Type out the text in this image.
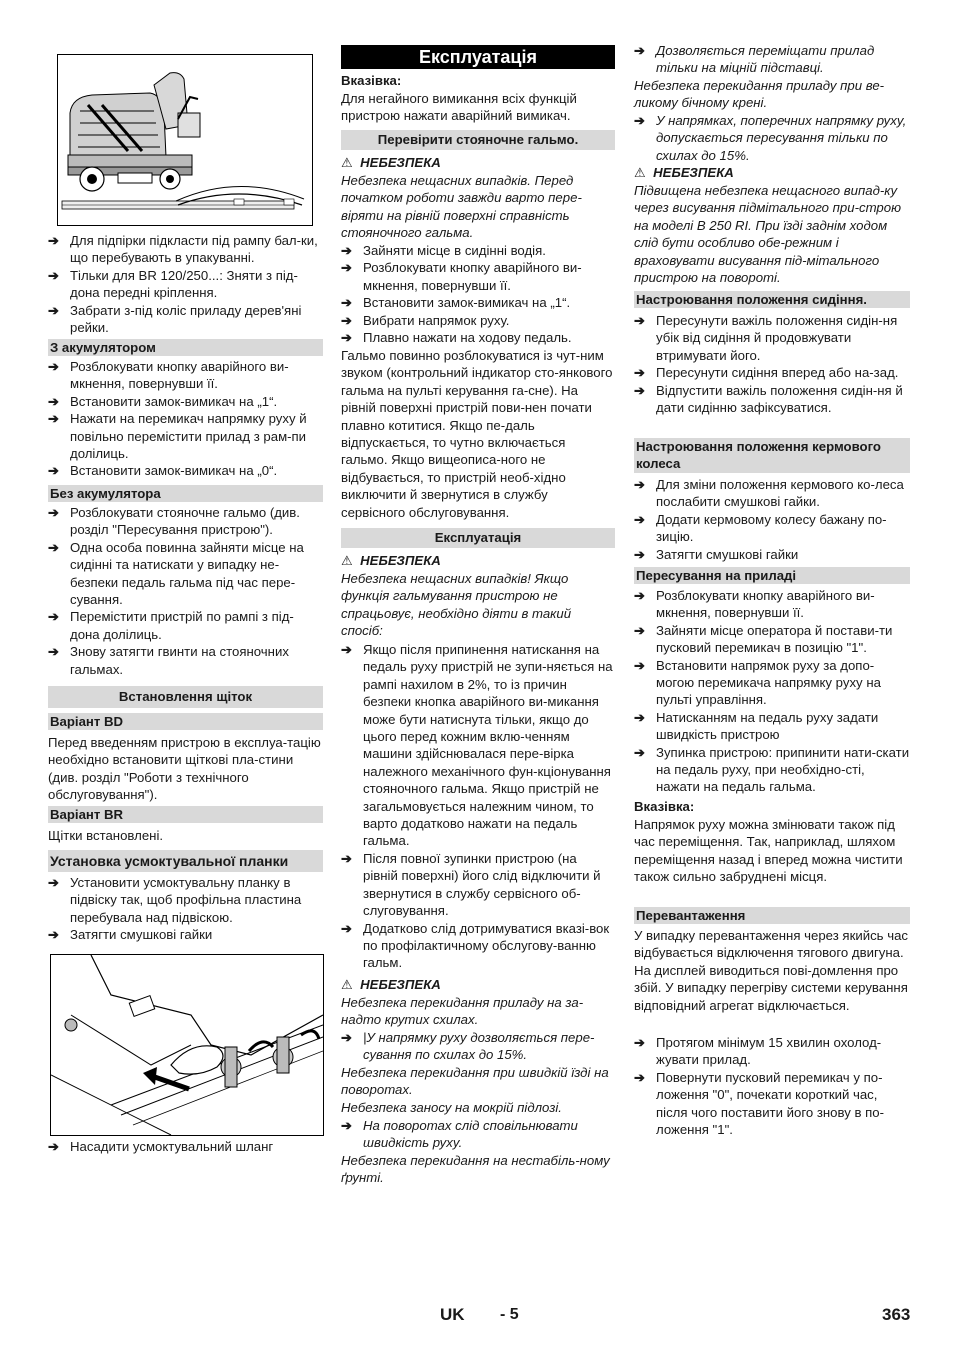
➔ Для підпірки підкласти під рампу бал-ки, що перебувають в упакуванні.
➔ Тільки для BR 120/250...: Зняти з під-дона передні кріплення.
➔ Забрати з-під коліс приладу дерев'яні рейки.
З акумулятором
➔ Розблокувати кнопку аварійного ви-мкнення, повернувши її.
➔ Встановити замок-вимикач на „1“.
➔ Нажати на перемикач напрямку руху й повільно перемістити прилад з рам-пи долілиць.
➔ Встановити замок-вимикач на „0“.
Без акумулятора
➔ Розблокувати стояночне гальмо (див. розділ "Пересування пристрою").
➔ Одна особа повинна зайняти місце на сидінні та натискати у випадку не-безпеки педаль гальма під час пере-сування.
➔ Перемістити пристрій по рампі з під-дона долілиць.
➔ Знову затягти гвинти на стояночних гальмах.
Встановлення щіток
Варіант BD
Перед введенням пристрою в експлуа-тацію необхідно встановити щіткові пла-стини (див. розділ "Роботи з технічного обслуговування").
Варіант BR
Щітки встановлені.
Установка усмоктувальної планки
➔ Установити усмоктувальну планку в підвіску так, щоб профільна пластина перебувала над підвіскою.
➔ Затягти смушкові гайки
➔ Насадити усмоктувальний шланг
Експлуатація
Вказівка:
Для негайного вимикання всіх функцій пристрою нажати аварійний вимикач.
Перевірити стояночне гальмо.
⚠ НЕБЕЗПЕКА
Небезпека нещасних випадків. Перед початком роботи завжди варто пере-віряти на рівній поверхні справність стояночного гальма.
➔ Зайняти місце в сидінні водія.
➔ Розблокувати кнопку аварійного ви-мкнення, повернувши її.
➔ Встановити замок-вимикач на „1“.
➔ Вибрати напрямок руху.
➔ Плавно нажати на ходову педаль.
Гальмо повинно розблокуватися із чут-ним звуком (контрольний індикатор сто-янкового гальма на пульті керування га-сне). На рівній поверхні пристрій пови-нен почати плавно котитися. Якщо пе-даль відпускається, то чутно включається гальмо. Якщо вищеописа-ного не відбувається, то пристрій необ-хідно виключити й звернутися в службу сервісного обслуговування.
Експлуатація
⚠ НЕБЕЗПЕКА
Небезпека нещасних випадків! Якщо функція гальмування пристрою не спрацьовує, необхідно діяти в такий спосіб:
➔ Якщо після припинення натискання на педаль руху пристрій не зупи-няється на рампі нахилом в 2%, то із причин безпеки кнопка аварійного ви-микання може бути натиснута тільки, якщо до цього перед кожним вклю-ченням машини здійснювалася пере-вірка належного механічного фун-кціонування стояночного гальма. Якщо пристрій не загальмовується належним чином, то варто додатково нажати на педаль гальма.
➔ Після повної зупинки пристрою (на рівній поверхні) його слід відключити й звернутися в службу сервісного об-слуговування.
➔ Додатково слід дотримуватися вказі-вок по профілактичному обслугову-ванню гальм.
⚠ НЕБЕЗПЕКА
Небезпека перекидання приладу на за-надто крутих схилах.
➔ |У напрямку руху дозволяється пере-сування по схилах до 15%.
Небезпека перекидання при швидкій їзді на поворотах.
Небезпека заносу на мокрій підлозі.
➔ На поворотах слід сповільнювати швидкість руху.
Небезпека перекидання на нестабіль-ному ґрунті.
➔ Дозволяється переміщати прилад тільки на міцній підставці.
Небезпека перекидання приладу при ве-ликому бічному крені.
➔ У напрямках, поперечних напрямку руху, допускається пересування тільки по схилах до 15%.
⚠ НЕБЕЗПЕКА
Підвищена небезпека нещасного випад-ку через висування підмітального при-строю на моделі B 250 RI. При їзді заднім ходом слід бути особливо обе-режним і враховувати висування під-мітального пристрою на повороті.
Настроювання положення сидіння.
➔ Пересунути важіль положення сидін-ня убік від сидіння й продовжувати втримувати його.
➔ Пересунути сидіння вперед або на-зад.
➔ Відпустити важіль положення сидін-ня й дати сидінню зафіксуватися.
Настроювання положення кермового колеса
➔ Для зміни положення кермового ко-леса послабити смушкові гайки.
➔ Додати кермовому колесу бажану по-зицію.
➔ Затягти смушкові гайки
Пересування на приладі
➔ Розблокувати кнопку аварійного ви-мкнення, повернувши її.
➔ Зайняти місце оператора й постави-ти пусковий перемикач в позицію "1".
➔ Встановити напрямок руху за допо-могою перемикача напрямку руху на пульті управління.
➔ Натисканням на педаль руху задати швидкість пристрою
➔ Зупинка пристрою: припинити нати-скати на педаль руху, при необхідно-сті, нажати на педаль гальма.
Вказівка:
Напрямок руху можна змінювати також під час переміщення. Так, наприклад, шляхом переміщення назад і вперед можна чистити також сильно забруднені місця.
Перевантаження
У випадку перевантаження через якийсь час відбувається відключення тягового двигуна. На дисплей виводиться пові-домлення про збій. У випадку перегріву системи керування відповідний агрегат відключається.
➔ Протягом мінімум 15 хвилин охолод-жувати прилад.
➔ Повернути пусковий перемикач у по-ложення "0", почекати короткий час, після чого поставити його знову в по-ложення "1".
UK - 5	363
